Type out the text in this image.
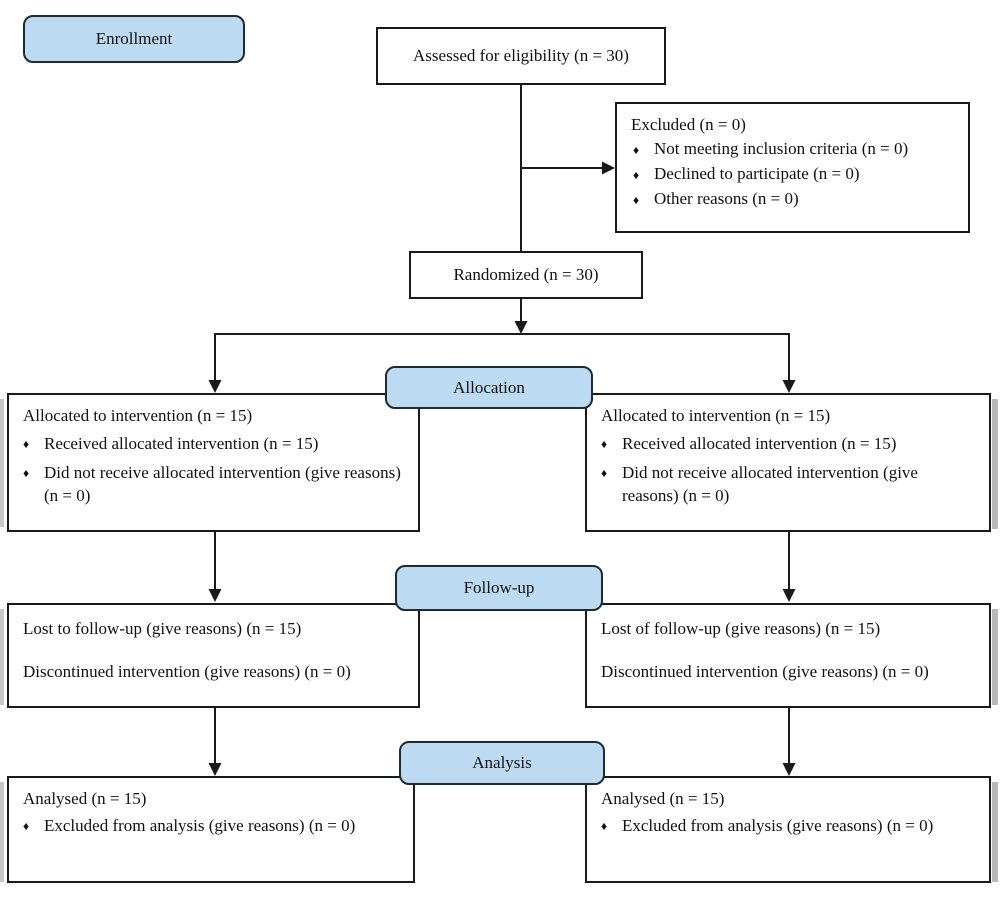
Enrollment
Assessed for eligibility (n = 30)
Excluded (n = 0)
♦ Not meeting inclusion criteria (n = 0)
♦ Declined to participate (n = 0)
♦ Other reasons (n = 0)
Randomized (n = 30)
Allocation
Allocated to intervention (n = 15)
♦ Received allocated intervention (n = 15)
♦ Did not receive allocated intervention (give reasons) (n = 0)
Allocated to intervention (n = 15)
♦ Received allocated intervention (n = 15)
♦ Did not receive allocated intervention (give reasons) (n = 0)
Follow-up
Lost to follow-up (give reasons) (n = 15)
Discontinued intervention (give reasons) (n = 0)
Lost of follow-up (give reasons) (n = 15)
Discontinued intervention (give reasons) (n = 0)
Analysis
Analysed (n = 15)
♦ Excluded from analysis (give reasons) (n = 0)
Analysed (n = 15)
♦ Excluded from analysis (give reasons) (n = 0)
